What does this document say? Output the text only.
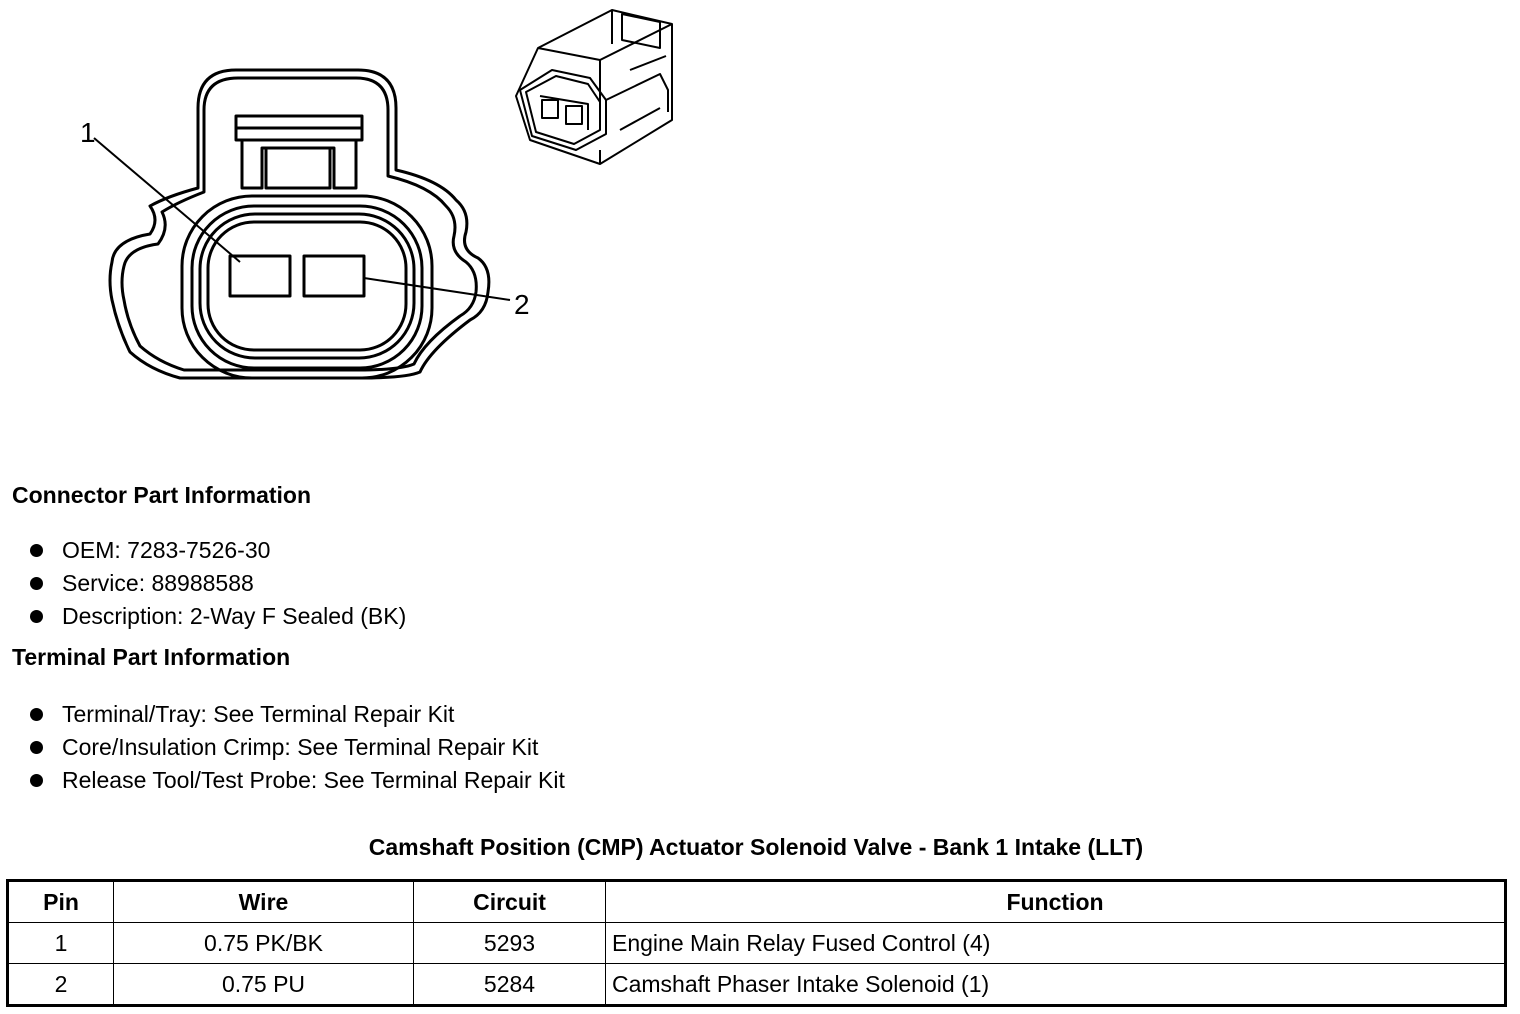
1
2
Connector Part Information
OEM: 7283-7526-30
Service: 88988588
Description: 2-Way F Sealed (BK)
Terminal Part Information
Terminal/Tray: See Terminal Repair Kit
Core/Insulation Crimp: See Terminal Repair Kit
Release Tool/Test Probe: See Terminal Repair Kit
Camshaft Position (CMP) Actuator Solenoid Valve - Bank 1 Intake (LLT)
Pin	Wire	Circuit	Function
1	0.75 PK/BK	5293	Engine Main Relay Fused Control (4)
2	0.75 PU	5284	Camshaft Phaser Intake Solenoid (1)
